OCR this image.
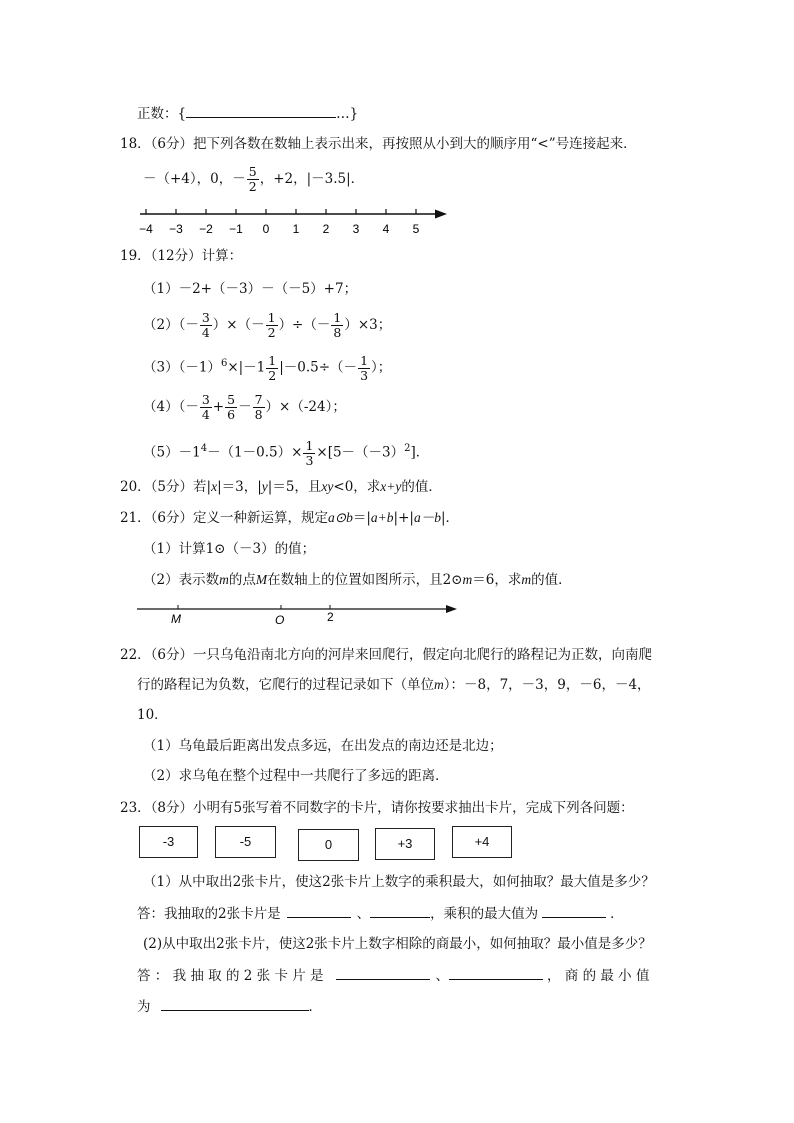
正数：{	…}
18．（6分）把下列各数在数轴上表示出来，再按照从小到大的顺序用“<”号连接起来．
－（+4），0，－ $\frac{5}{2}$ ，+2，|－3.5|．
−4 −3 −2 −1 0 1 2 3 4 5
19．（12分）计算：
（1）－2+（－3）－（－5）+7；
$(2)(- \frac{3}{4}$ ）×（－ $\frac{1}{2}$ ）÷（－ $\frac{1}{8} )\times 3$；
$(3)(-1)^6\times|-1 \frac{1}{2} |-0.5\div(- \frac{1}{3}$ ）；
$(4)(- \frac{3}{4} + \frac{5}{6} - \frac{7}{8} )\times(-24)$；
$(5)-1^4-(1-0.5)\times \frac{1}{3} \times[5-(-3)^2]$．
20．（5分）若|x|＝3，|y|＝5，且xy<0，求x+y的值．
21．（6分）定义一种新运算，规定a⊙b＝|a+b|+|a－b|．
（1）计算1⊙（－3）的值；
（2）表示数m的点M在数轴上的位置如图所示，且2⊙m＝6，求m的值．
M	O	2
22．（6分）一只乌龟沿南北方向的河岸来回爬行，假定向北爬行的路程记为正数，向南爬
行的路程记为负数，它爬行的过程记录如下（单位m）：－8，7，－3，9，－6，－4，
10．
（1）乌龟最后距离出发点多远，在出发点的南边还是北边；
（2）求乌龟在整个过程中一共爬行了多远的距离．
23．（8分）小明有5张写着不同数字的卡片，请你按要求抽出卡片，完成下列各问题：
-3	-5	0	+3	+4
（1）从中取出2张卡片，使这2张卡片上数字的乘积最大，如何抽取？最大值是多少？
答：我抽取的2张卡片是	、	，乘积的最大值为	．
(2)从中取出2张卡片，使这2张卡片上数字相除的商最小，如何抽取？最小值是多少？
答 ： 我 抽 取 的 2 张 卡 片 是	、	， 商 的 最 小 值
为	．
